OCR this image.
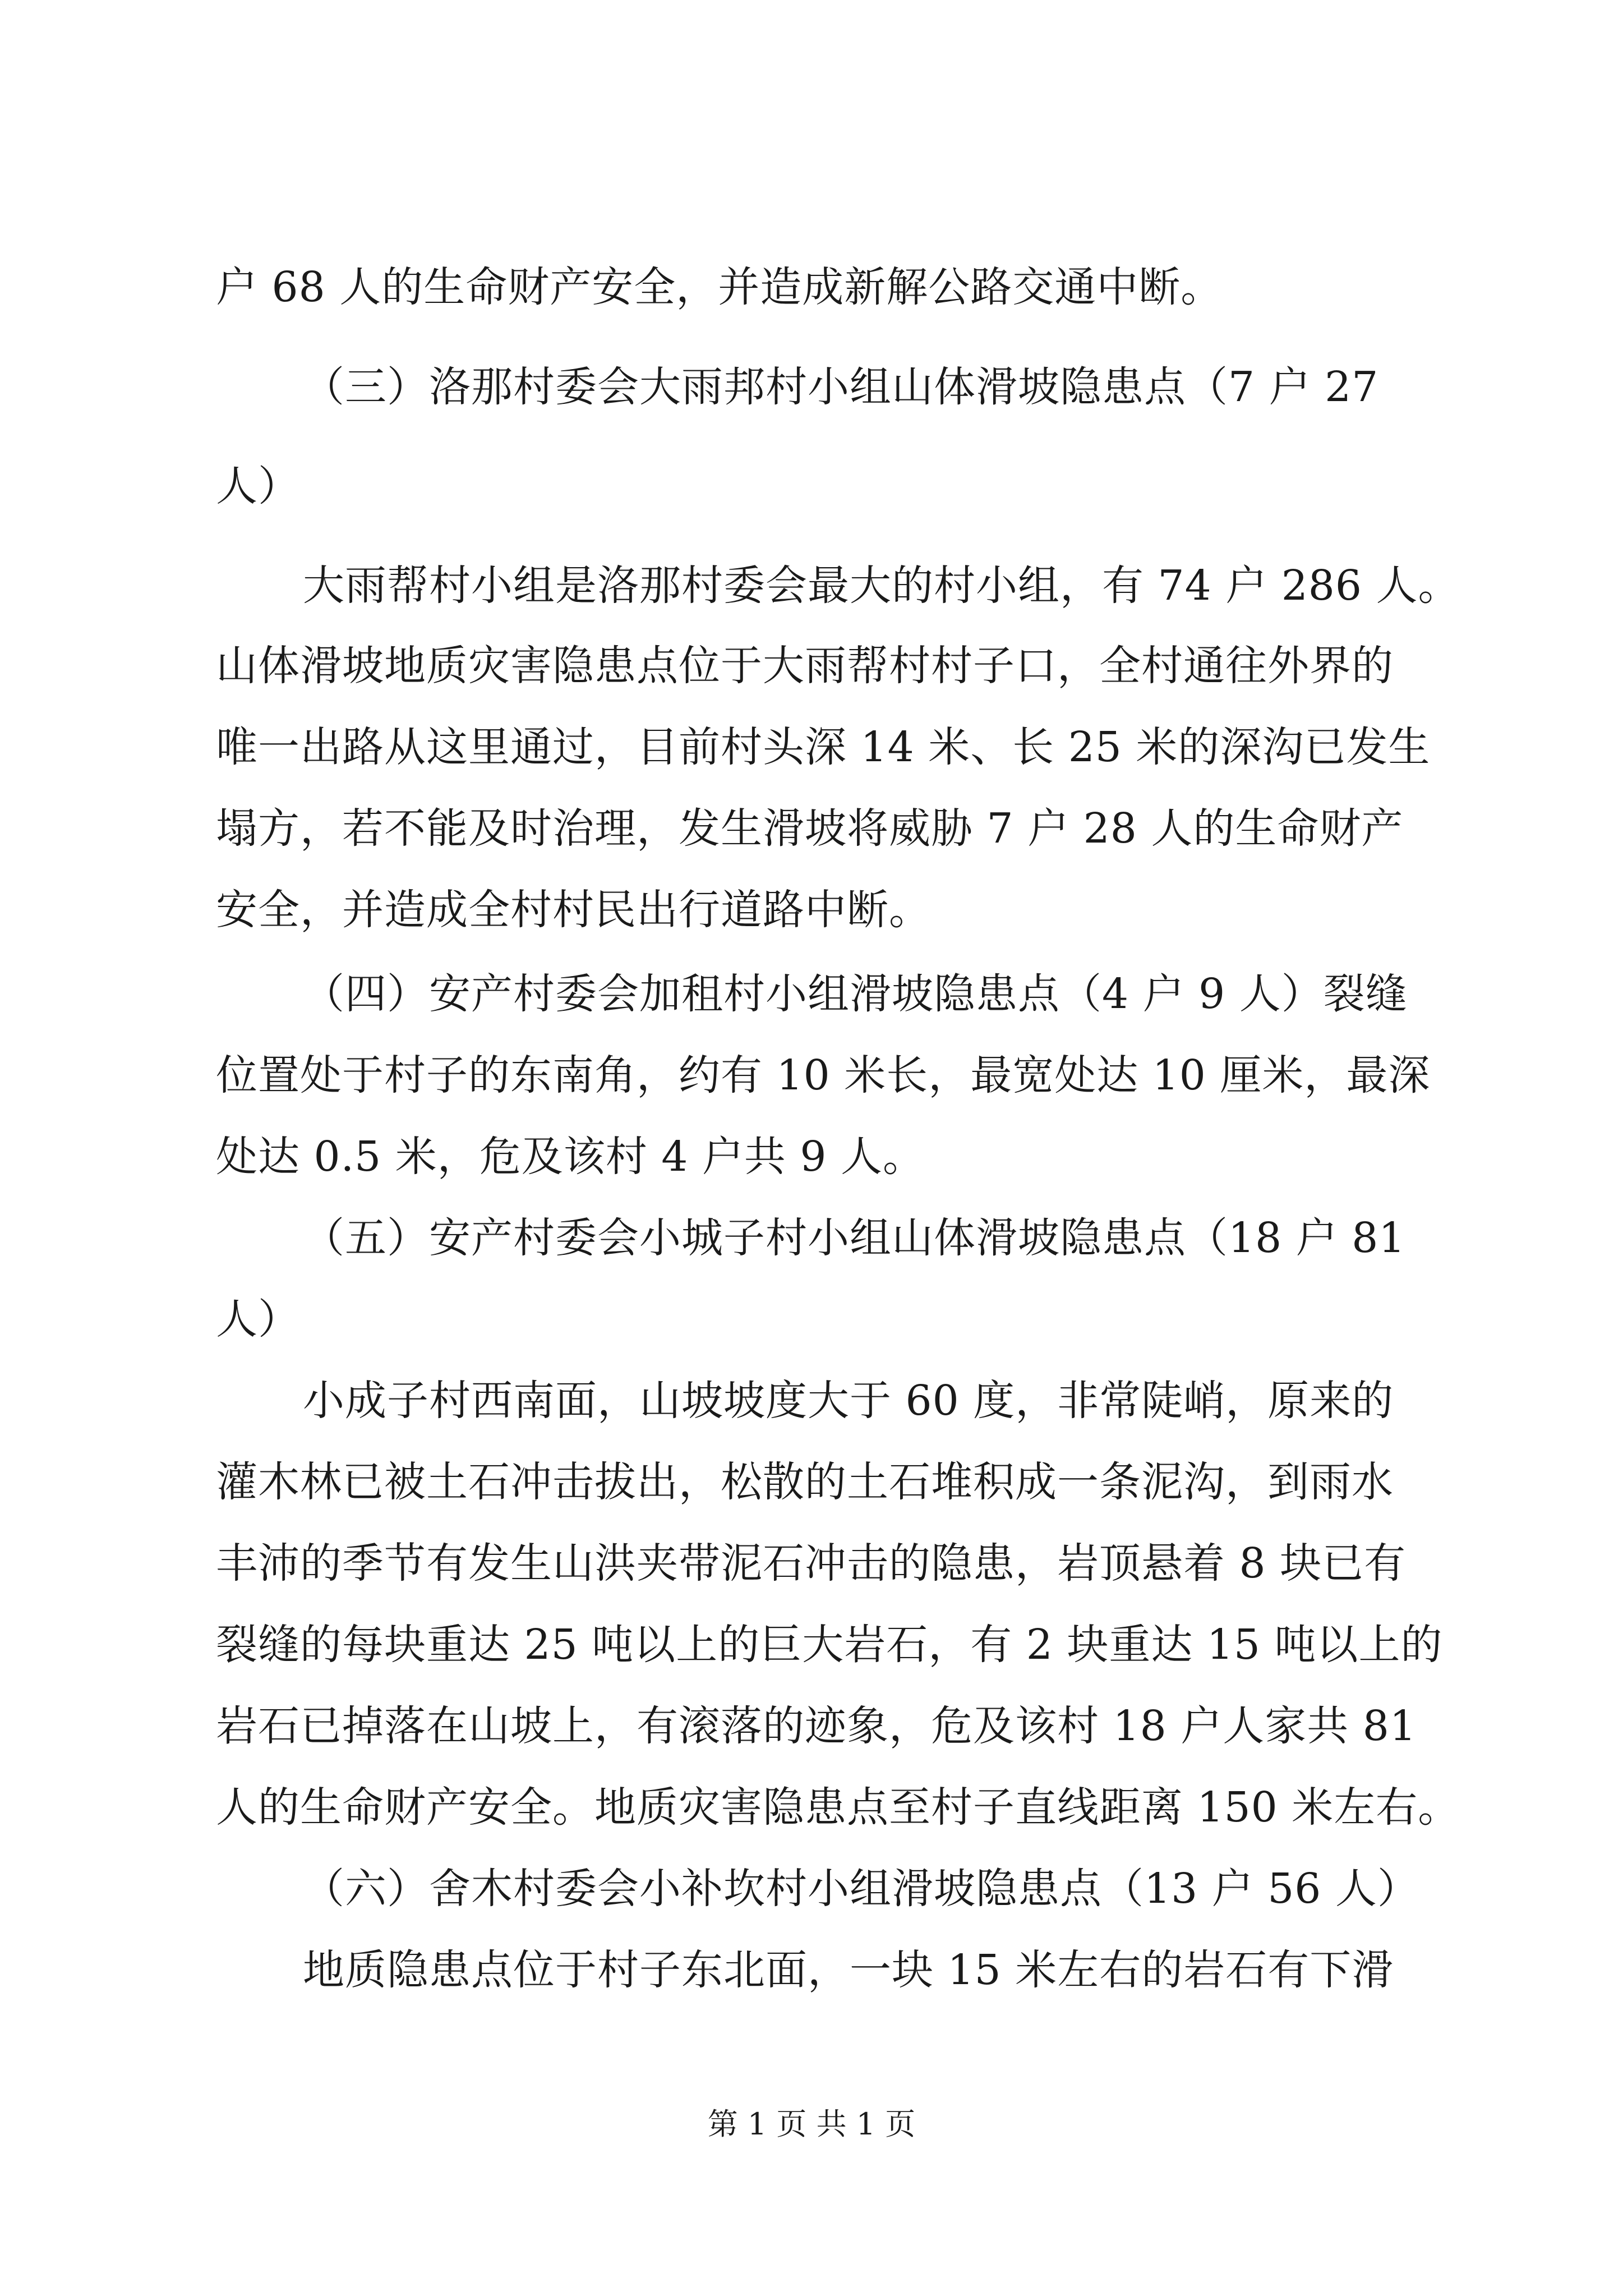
户 68 人的生命财产安全，并造成新解公路交通中断。
（三）洛那村委会大雨邦村小组山体滑坡隐患点（7 户 27
人）
大雨帮村小组是洛那村委会最大的村小组，有 74 户 286 人。
山体滑坡地质灾害隐患点位于大雨帮村村子口，全村通往外界的
唯一出路从这里通过，目前村头深 14 米、长 25 米的深沟已发生
塌方，若不能及时治理，发生滑坡将威胁 7 户 28 人的生命财产
安全，并造成全村村民出行道路中断。
（四）安产村委会加租村小组滑坡隐患点（4 户 9 人）裂缝
位置处于村子的东南角，约有 10 米长，最宽处达 10 厘米，最深
处达 0.5 米，危及该村 4 户共 9 人。
（五）安产村委会小城子村小组山体滑坡隐患点（18 户 81
人）
小成子村西南面，山坡坡度大于 60 度，非常陡峭，原来的
灌木林已被土石冲击拔出，松散的土石堆积成一条泥沟，到雨水
丰沛的季节有发生山洪夹带泥石冲击的隐患，岩顶悬着 8 块已有
裂缝的每块重达 25 吨以上的巨大岩石，有 2 块重达 15 吨以上的
岩石已掉落在山坡上，有滚落的迹象，危及该村 18 户人家共 81
人的生命财产安全。地质灾害隐患点至村子直线距离 150 米左右。
（六）舍木村委会小补坎村小组滑坡隐患点（13 户 56 人）
地质隐患点位于村子东北面，一块 15 米左右的岩石有下滑
第 1 页 共 1 页
